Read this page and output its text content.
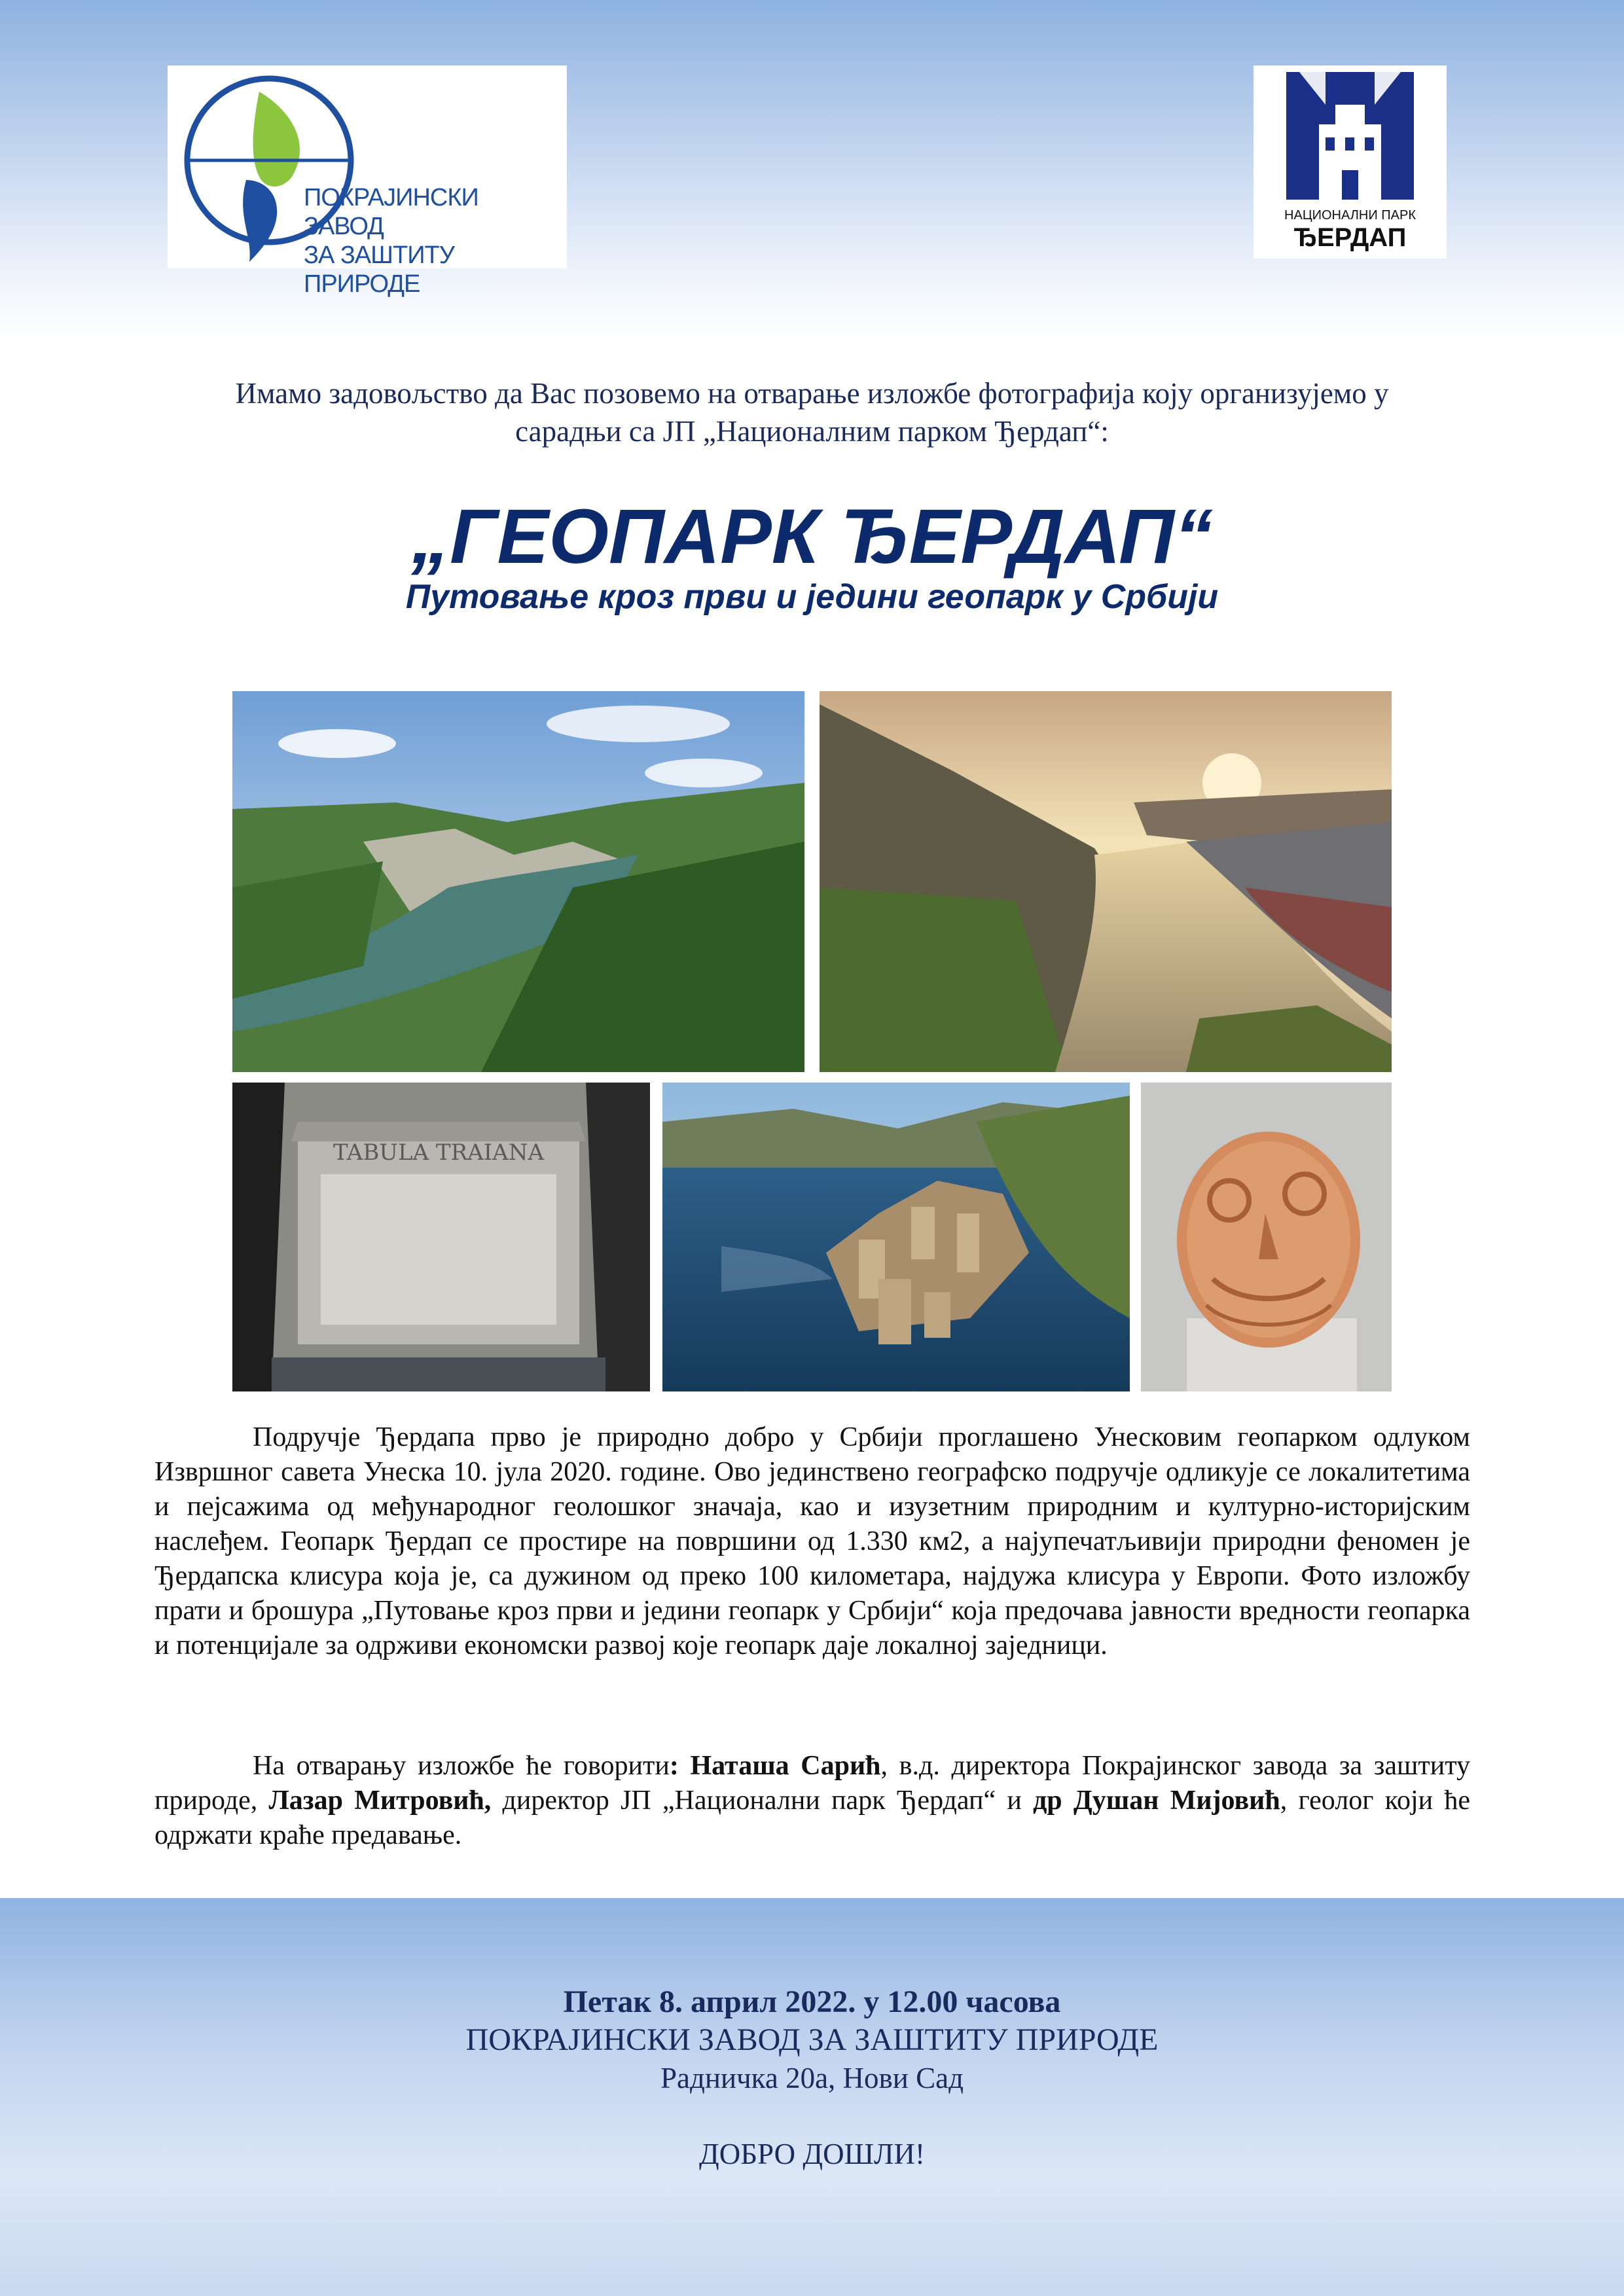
ПОКРАЈИНСКИ ЗАВОД
ЗА ЗАШТИТУ ПРИРОДЕ
НАЦИОНАЛНИ ПАРК
ЂЕРДАП
Имамо задовољство да Вас позовемо на отварање изложбе фотографија коју организујемо у
сарадњи са ЈП „Националним парком Ђердап“:
„ГЕОПАРК ЂЕРДАП“
Путовање кроз први и једини геопарк у Србији
TABULA TRAIANA

Подручје Ђердапа прво је природно добро у Србији проглашено Унесковим геопарком одлуком Извршног савета Унеска 10. јула 2020. године. Ово јединствено географско подручје одликује се локалитетима и пејсажима од међународног геолошког значаја, као и изузетним природним и културно-историјским наслеђем. Геопарк Ђердап се простире на површини од 1.330 км2, а најупечатљивији природни феномен је Ђердапска клисура која је, са дужином од преко 100 километара, најдужа клисура у Европи. Фото изложбу прати и брошура „Путовање кроз први и једини геопарк у Србији“ која предочава јавности вредности геопарка и потенцијале за одрживи економски развој које геопарк даје локалној заједници.

На отварању изложбе ће говорити: Наташа Сарић, в.д. директора Покрајинског завода за заштиту природе, Лазар Митровић, директор ЈП „Национални парк Ђердап“ и др Душан Мијовић, геолог који ће одржати краће предавање.

Петак 8. април 2022. у 12.00 часова
ПОКРАЈИНСКИ ЗАВОД ЗА ЗАШТИТУ ПРИРОДЕ
Радничка 20а, Нови Сад
ДОБРО ДОШЛИ!
